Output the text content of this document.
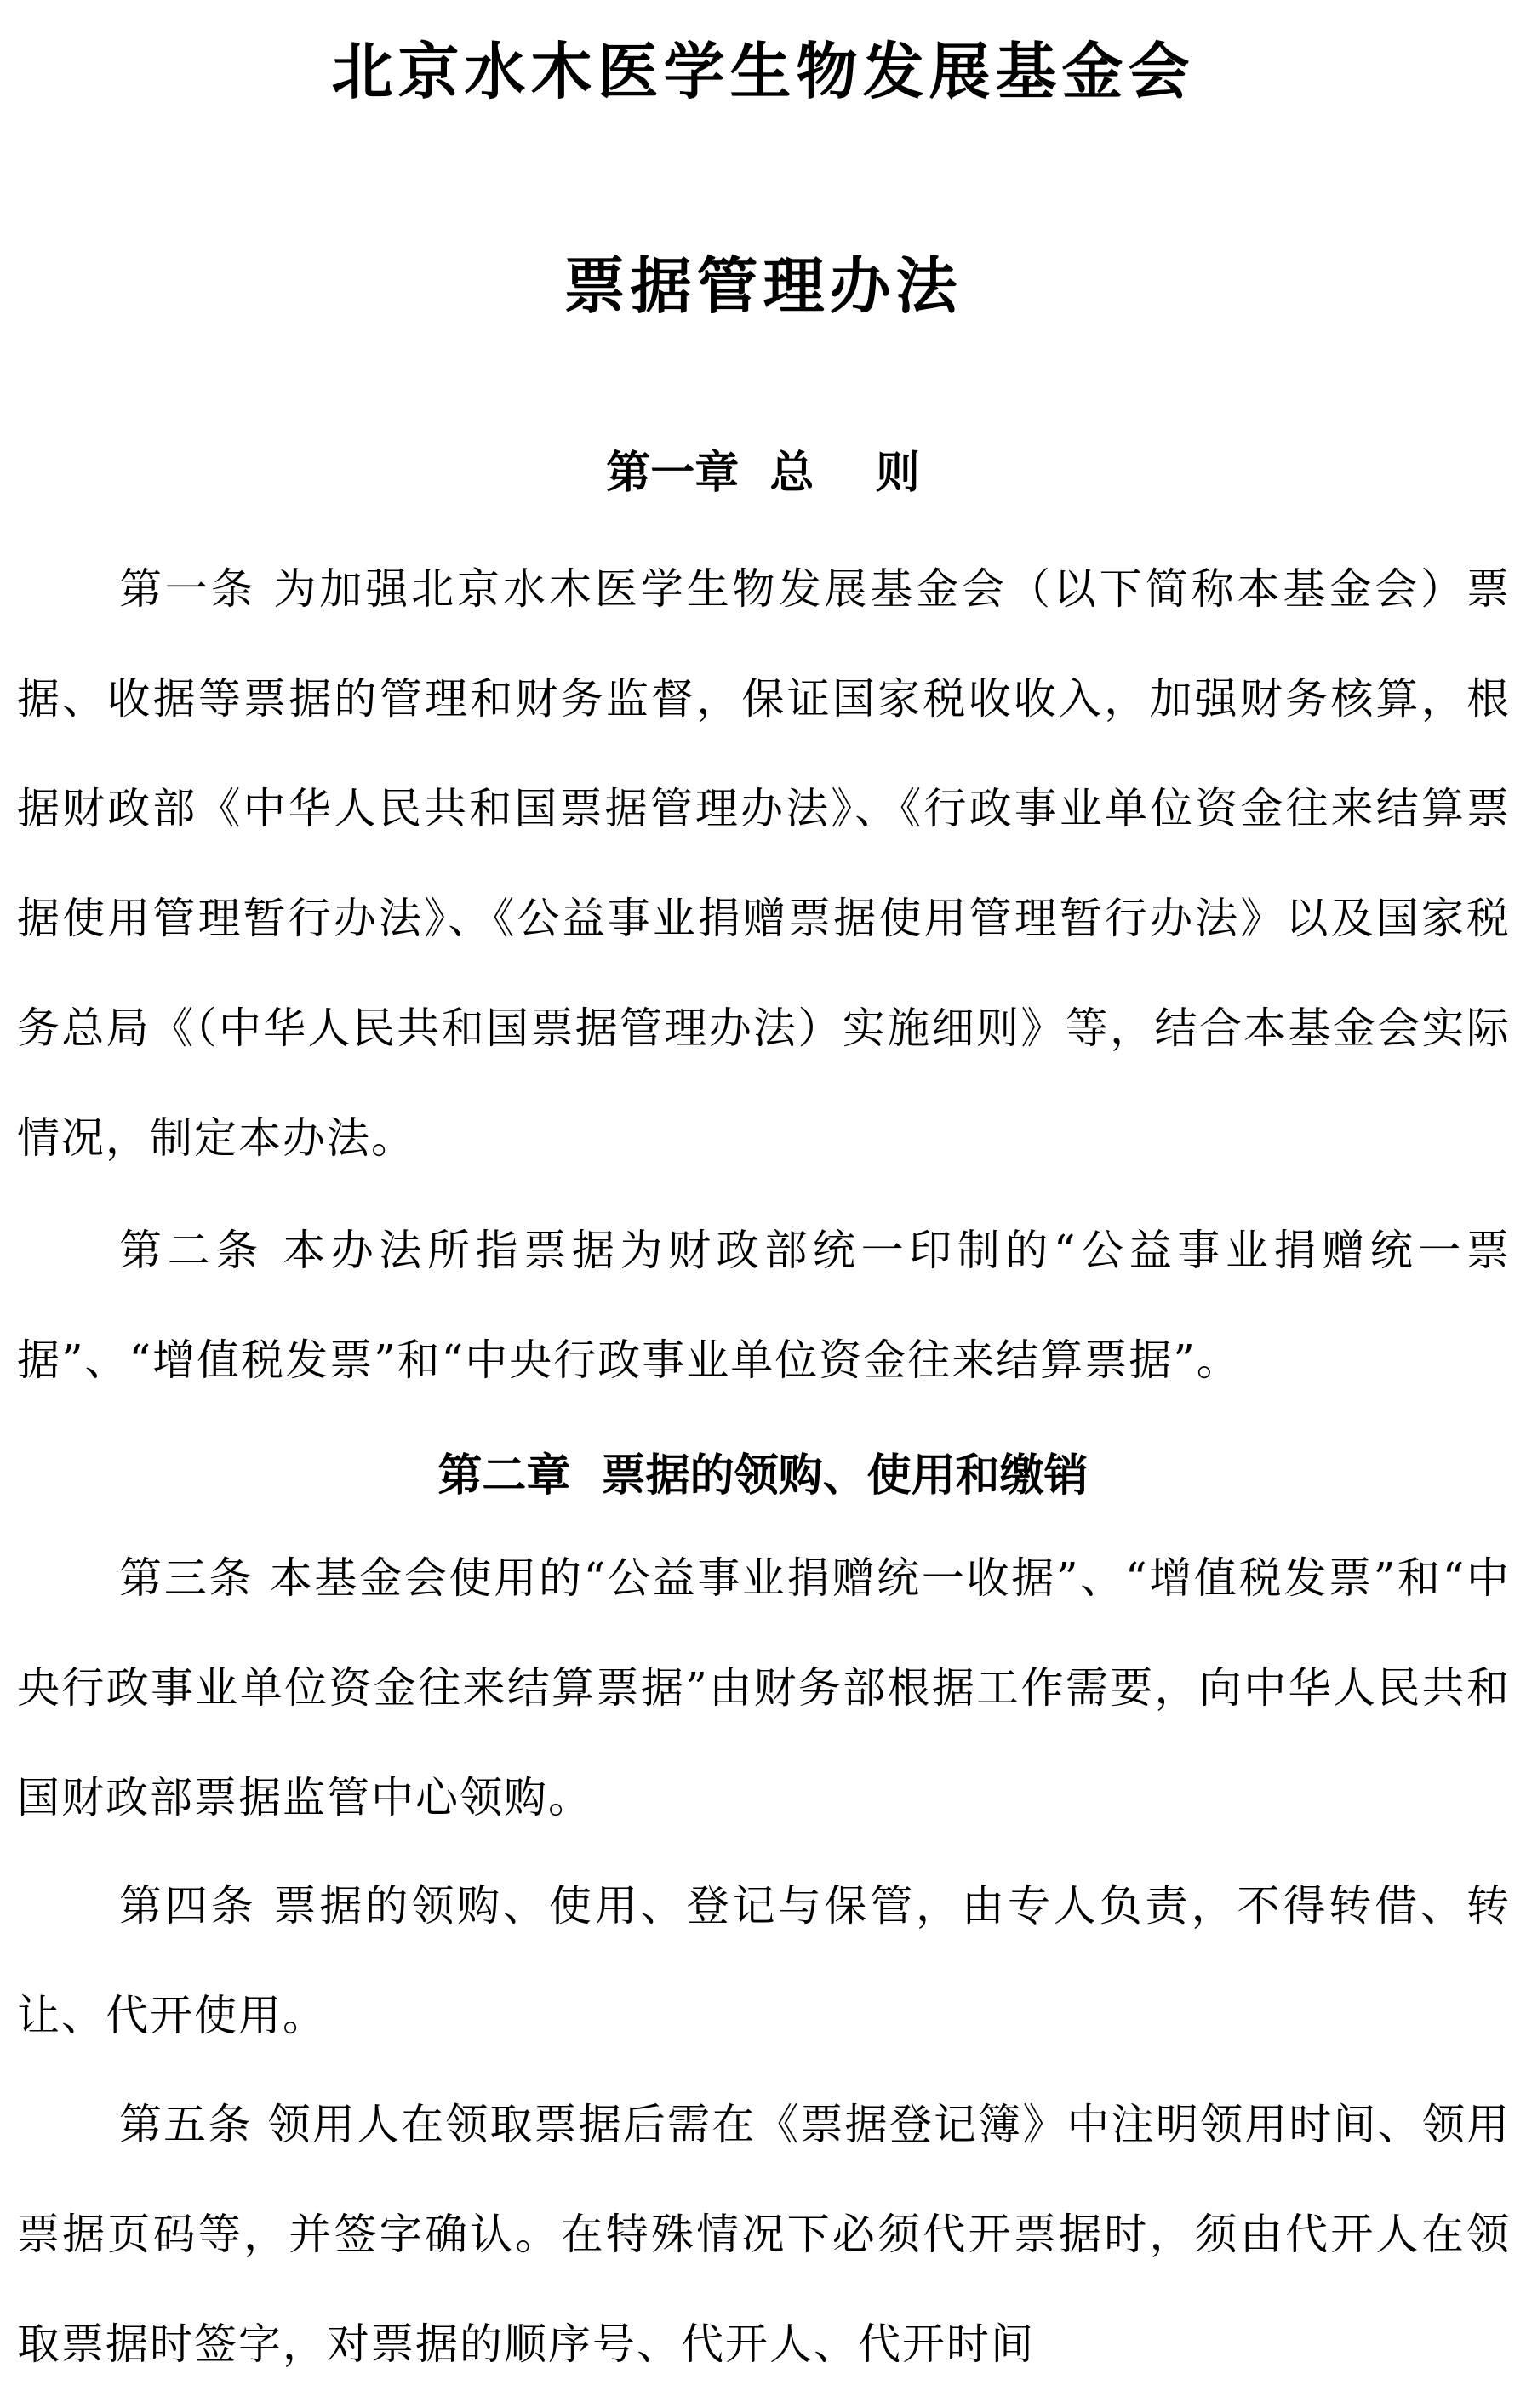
北京水木医学生物发展基金会
票据管理办法
第一章  总    则
第一条 为加强北京水木医学生物发展基金会（以下简称本基金会）票据、收据等票据的管理和财务监督，保证国家税收收入，加强财务核算，根据财政部《中华人民共和国票据管理办法》、《行政事业单位资金往来结算票据使用管理暂行办法》、《公益事业捐赠票据使用管理暂行办法》以及国家税务总局《（中华人民共和国票据管理办法）实施细则》等，结合本基金会实际情况，制定本办法。
第二条 本办法所指票据为财政部统一印制的“公益事业捐赠统一票据”、“增值税发票”和“中央行政事业单位资金往来结算票据”。
第二章  票据的领购、使用和缴销
第三条 本基金会使用的“公益事业捐赠统一收据”、“增值税发票”和“中央行政事业单位资金往来结算票据”由财务部根据工作需要，向中华人民共和国财政部票据监管中心领购。
第四条 票据的领购、使用、登记与保管，由专人负责，不得转借、转让、代开使用。
第五条 领用人在领取票据后需在《票据登记簿》中注明领用时间、领用票据页码等，并签字确认。在特殊情况下必须代开票据时，须由代开人在领取票据时签字，对票据的顺序号、代开人、代开时间
